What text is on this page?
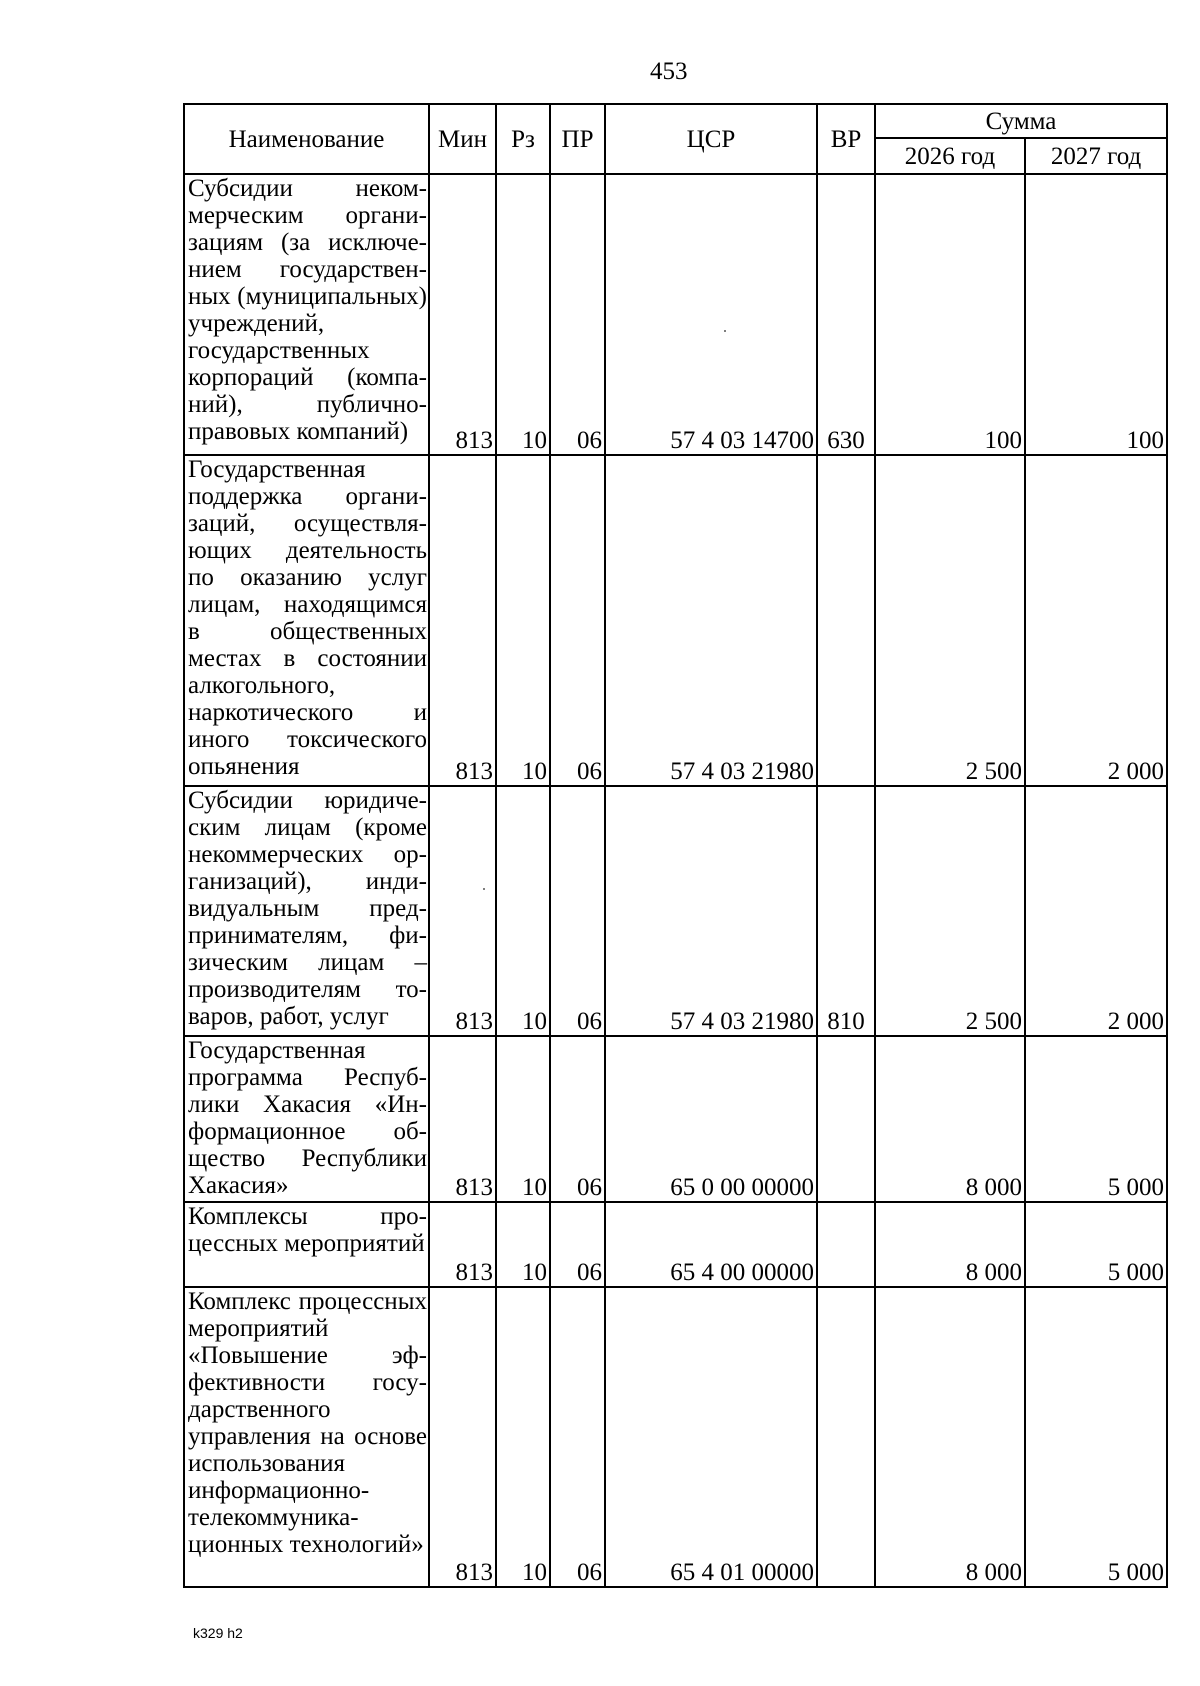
453
Наименование	Мин	Рз	ПР	ЦСР	ВР	Сумма	
						2026 год	2027 год
Субсидии некоммерческим организациям (за исключением государственных (муниципальных) учреждений, государственных корпораций (компаний), публично-правовых компаний)	813	10	06	57 4 03 14700	630	100	100
Государственная поддержка организаций, осуществляющих деятельность по оказанию услуг лицам, находящимся в общественных местах в состоянии алкогольного, наркотического и иного токсического опьянения	813	10	06	57 4 03 21980		2 500	2 000
Субсидии юридическим лицам (кроме некоммерческих организаций), индивидуальным предпринимателям, физическим лицам – производителям товаров, работ, услуг	813	10	06	57 4 03 21980	810	2 500	2 000
Государственная программа Республики Хакасия «Информационное общество Республики Хакасия»	813	10	06	65 0 00 00000		8 000	5 000
Комплексы процессных мероприятий	813	10	06	65 4 00 00000		8 000	5 000
Комплекс процессных мероприятий «Повышение эффективности государственного управления на основе использования информационно-телекоммуникационных технологий»	813	10	06	65 4 01 00000		8 000	5 000
k329 h2
